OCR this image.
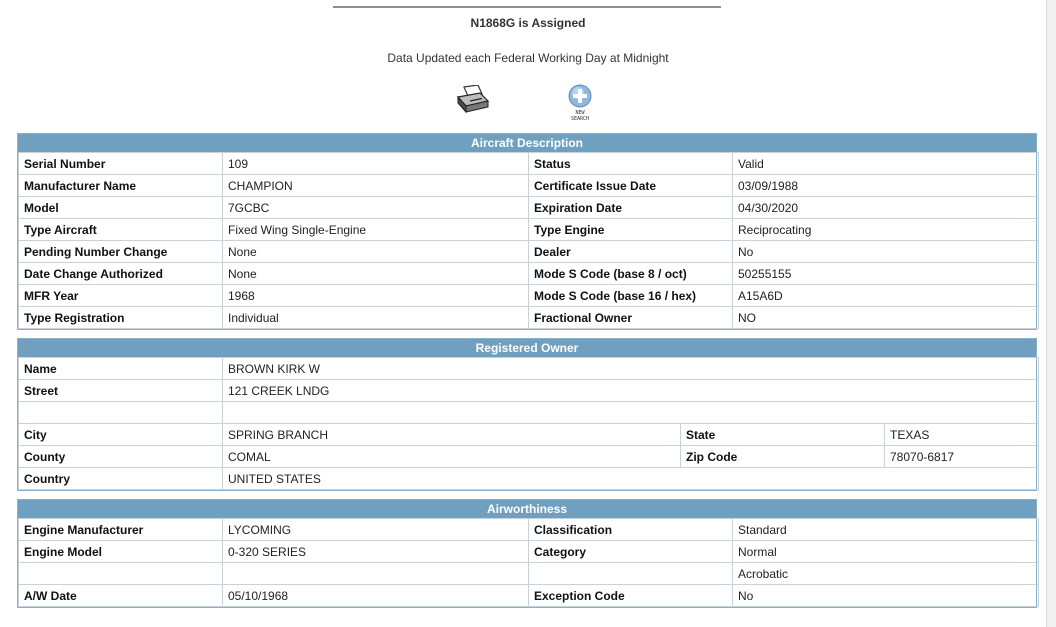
N1868G is Assigned
Data Updated each Federal Working Day at Midnight
NEW
SEARCH
Aircraft Description
Serial Number	109	Status	Valid
Manufacturer Name	CHAMPION	Certificate Issue Date	03/09/1988
Model	7GCBC	Expiration Date	04/30/2020
Type Aircraft	Fixed Wing Single-Engine	Type Engine	Reciprocating
Pending Number Change	None	Dealer	No
Date Change Authorized	None	Mode S Code (base 8 / oct)	50255155
MFR Year	1968	Mode S Code (base 16 / hex)	A15A6D
Type Registration	Individual	Fractional Owner	NO
Registered Owner
Name	BROWN KIRK W		
Street	121 CREEK LNDG		

City	SPRING BRANCH	State	TEXAS
County	COMAL	Zip Code	78070-6817
Country	UNITED STATES		
Airworthiness
Engine Manufacturer	LYCOMING	Classification	Standard
Engine Model	0-320 SERIES	Category	Normal
			Acrobatic
A/W Date	05/10/1968	Exception Code	No
